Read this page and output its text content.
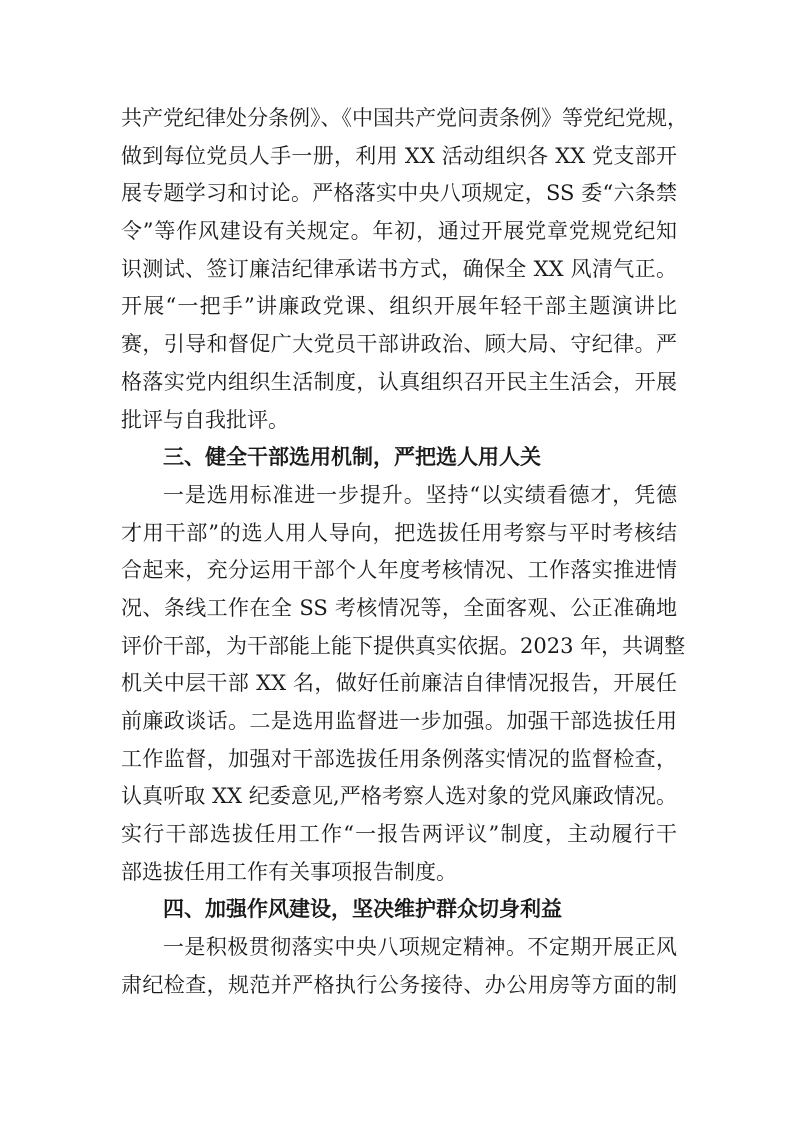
共产党纪律处分条例》、《中国共产党问责条例》等党纪党规，
做到每位党员人手一册，利用 XX 活动组织各 XX 党支部开
展专题学习和讨论。严格落实中央八项规定，SS 委“六条禁
令”等作风建设有关规定。年初，通过开展党章党规党纪知
识测试、签订廉洁纪律承诺书方式，确保全 XX 风清气正。
开展“一把手”讲廉政党课、组织开展年轻干部主题演讲比
赛，引导和督促广大党员干部讲政治、顾大局、守纪律。严
格落实党内组织生活制度，认真组织召开民主生活会，开展
批评与自我批评。
三、健全干部选用机制，严把选人用人关
一是选用标准进一步提升。坚持“以实绩看德才，凭德
才用干部”的选人用人导向，把选拔任用考察与平时考核结
合起来，充分运用干部个人年度考核情况、工作落实推进情
况、条线工作在全 SS 考核情况等，全面客观、公正准确地
评价干部，为干部能上能下提供真实依据。2023 年，共调整
机关中层干部 XX 名，做好任前廉洁自律情况报告，开展任
前廉政谈话。二是选用监督进一步加强。加强干部选拔任用
工作监督，加强对干部选拔任用条例落实情况的监督检查，
认真听取 XX 纪委意见,严格考察人选对象的党风廉政情况。
实行干部选拔任用工作“一报告两评议”制度，主动履行干
部选拔任用工作有关事项报告制度。
四、加强作风建设，坚决维护群众切身利益
一是积极贯彻落实中央八项规定精神。不定期开展正风
肃纪检查，规范并严格执行公务接待、办公用房等方面的制
